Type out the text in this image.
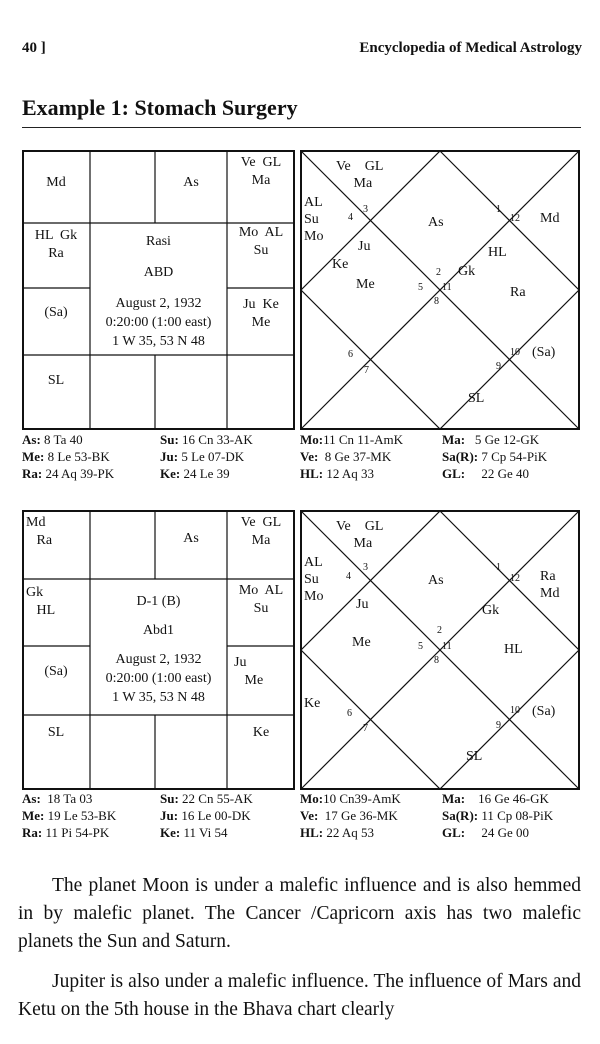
40 ]	Encyclopedia of Medical Astrology
Example 1: Stomach Surgery
Md	As
Ve  GL
Ma
HL  Gk
Ra
Mo  AL
Su
(Sa)
Ju  Ke
Me
SL
Rasi
ABD
August 2, 1932
0:20:00 (1:00 east)
1 W 35, 53 N 48
Ve    GL
Ma
AL
Su
Mo
As
Ju
Ke
Me
Md
Gk
HL
Ra
(Sa)
SL
3
4
1
12
2
5 11
8
6
7
10
9
As: 8 Ta 40	Su: 16 Cn 33-AK	Mo:11 Cn 11-AmK	Ma: 5 Ge 12-GK
Me: 8 Le 53-BK	Ju: 5 Le 07-DK	Ve: 8 Ge 37-MK	Sa(R): 7 Cp 54-PiK
Ra: 24 Aq 39-PK	Ke: 24 Le 39	HL: 12 Aq 33	GL: 22 Ge 40
Md
Ra	As
Ve  GL
Ma
Gk
HL
Mo  AL
Su
(Sa)
Ju
Me
SL	Ke
D-1 (B)
Abd1
August 2, 1932
0:20:00 (1:00 east)
1 W 35, 53 N 48
Ve    GL
Ma
AL
Su
Mo
As
Ju
Me
Ke
Ra
Md
Gk
HL
(Sa)
SL
3
4
1
12
2
5 11
8
6
7
10
9
As: 18 Ta 03	Su: 22 Cn 55-AK	Mo:10 Cn39-AmK	Ma: 16 Ge 46-GK
Me: 19 Le 53-BK	Ju: 16 Le 00-DK	Ve: 17 Ge 36-MK	Sa(R): 11 Cp 08-PiK
Ra: 11 Pi 54-PK	Ke: 11 Vi 54	HL: 22 Aq 53	GL: 24 Ge 00
The planet Moon is under a malefic influence and is also hemmed in by malefic planet. The Cancer /Capricorn axis has two malefic planets the Sun and Saturn.
Jupiter is also under a malefic influence. The influence of Mars and Ketu on the 5th house in the Bhava chart clearly
